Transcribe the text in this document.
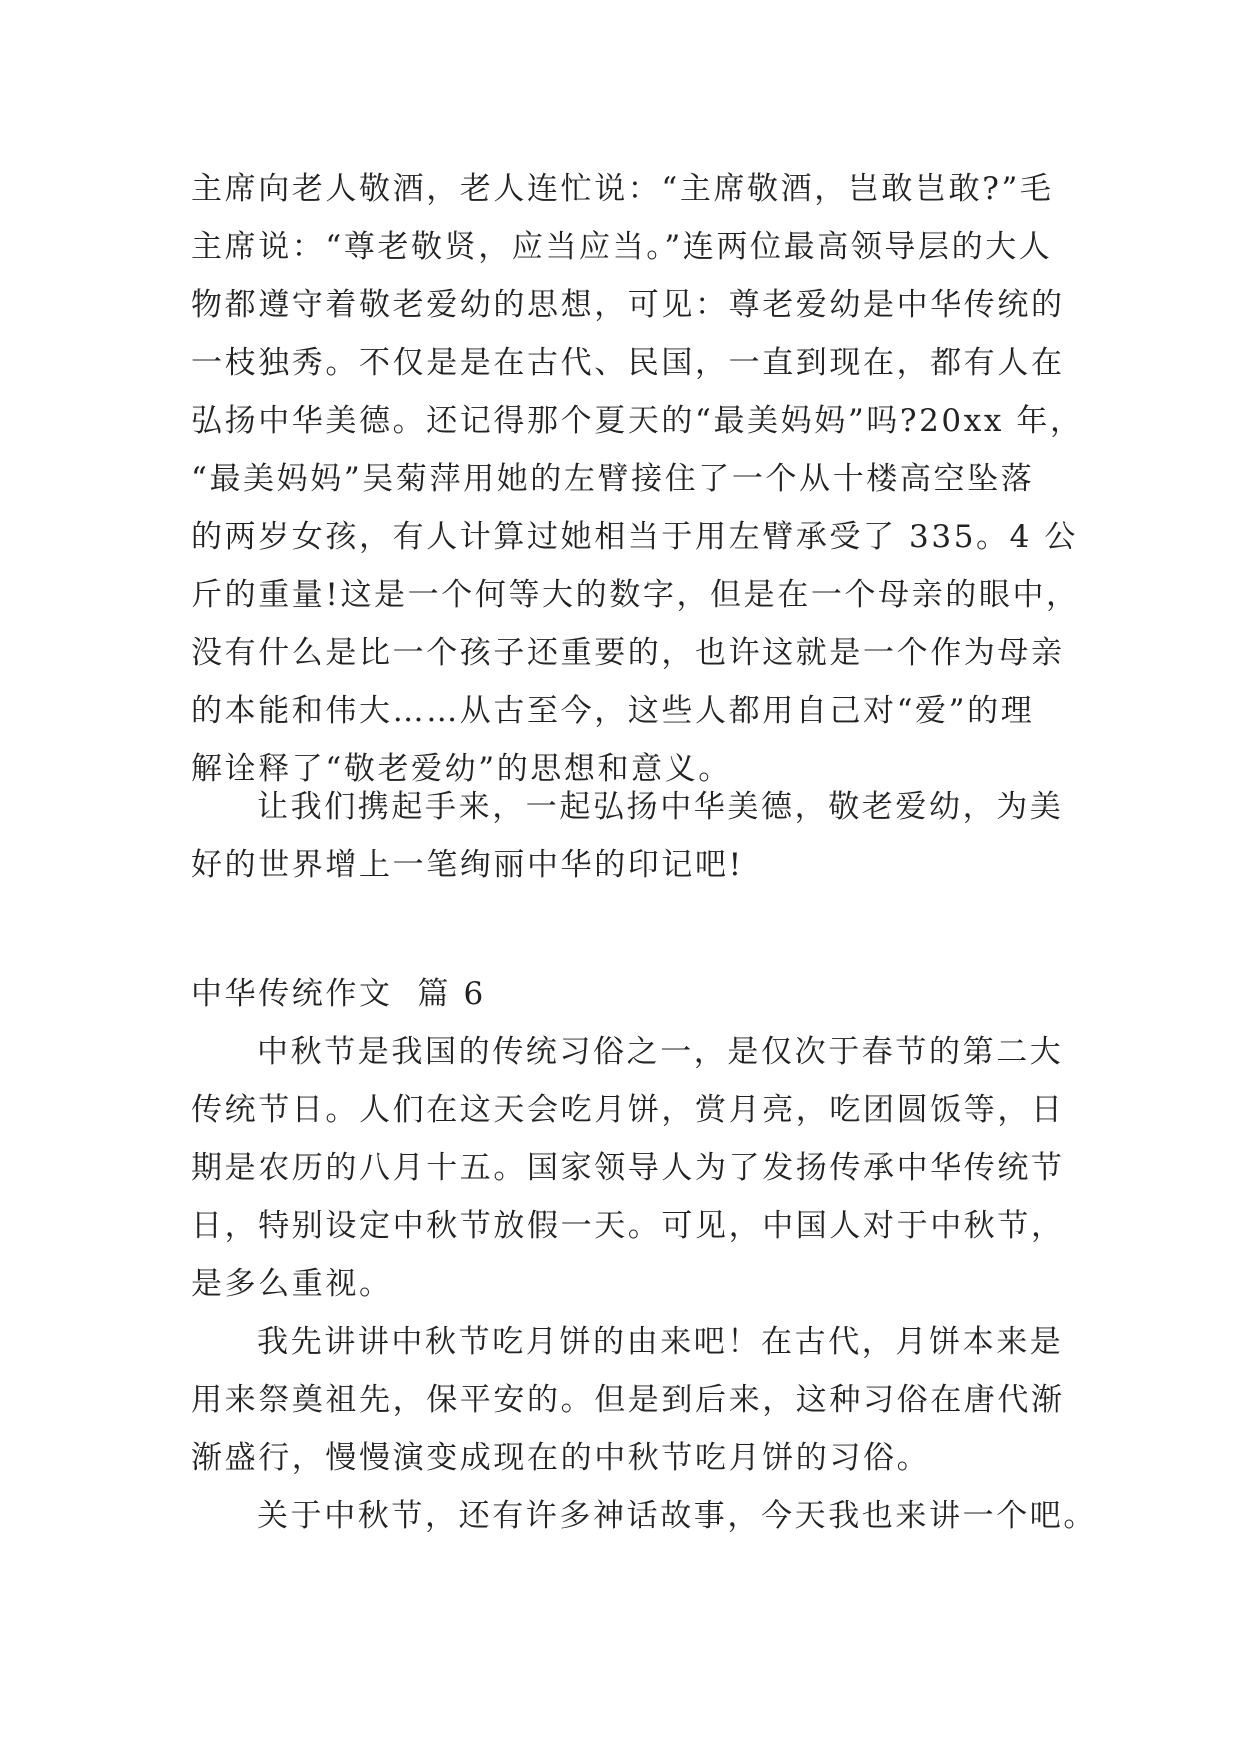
主席向老人敬酒，老人连忙说：“主席敬酒，岂敢岂敢?”毛
主席说：“尊老敬贤，应当应当。”连两位最高领导层的大人
物都遵守着敬老爱幼的思想，可见：尊老爱幼是中华传统的
一枝独秀。不仅是是在古代、民国，一直到现在，都有人在
弘扬中华美德。还记得那个夏天的“最美妈妈”吗?20xx 年，
“最美妈妈”吴菊萍用她的左臂接住了一个从十楼高空坠落
的两岁女孩，有人计算过她相当于用左臂承受了 335。4 公
斤的重量!这是一个何等大的数字，但是在一个母亲的眼中，
没有什么是比一个孩子还重要的，也许这就是一个作为母亲
的本能和伟大……从古至今，这些人都用自己对“爱”的理
解诠释了“敬老爱幼”的思想和意义。
让我们携起手来，一起弘扬中华美德，敬老爱幼，为美
好的世界增上一笔绚丽中华的印记吧!
中华传统作文  篇 6
中秋节是我国的传统习俗之一，是仅次于春节的第二大
传统节日。人们在这天会吃月饼，赏月亮，吃团圆饭等，日
期是农历的八月十五。国家领导人为了发扬传承中华传统节
日，特别设定中秋节放假一天。可见，中国人对于中秋节，
是多么重视。
我先讲讲中秋节吃月饼的由来吧！在古代，月饼本来是
用来祭奠祖先，保平安的。但是到后来，这种习俗在唐代渐
渐盛行，慢慢演变成现在的中秋节吃月饼的习俗。
关于中秋节，还有许多神话故事，今天我也来讲一个吧。
